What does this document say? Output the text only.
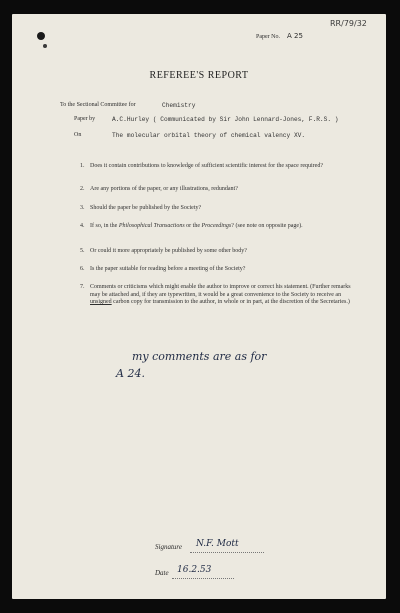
RR/79/32
Paper No. A 25
REFEREE'S REPORT
To the Sectional Committee for	Chemistry
Paper by	A.C.Hurley ( Communicated by Sir John Lennard-Jones, F.R.S. )
On	The molecular orbital theory of chemical valency XV.
1. Does it contain contributions to knowledge of sufficient scientific interest for the space required?
2. Are any portions of the paper, or any illustrations, redundant?
3. Should the paper be published by the Society?
4. If so, in the Philosophical Transactions or the Proceedings? (see note on opposite page).
5. Or could it more appropriately be published by some other body?
6. Is the paper suitable for reading before a meeting of the Society?
7. Comments or criticisms which might enable the author to improve or correct his statement. (Further remarks may be attached and, if they are typewritten, it would be a great convenience to the Society to receive an unsigned carbon copy for transmission to the author, in whole or in part, at the discretion of the Secretaries.)
my comments are as for
A 24.
Signature N.F. Mott
Date 16.2.53
